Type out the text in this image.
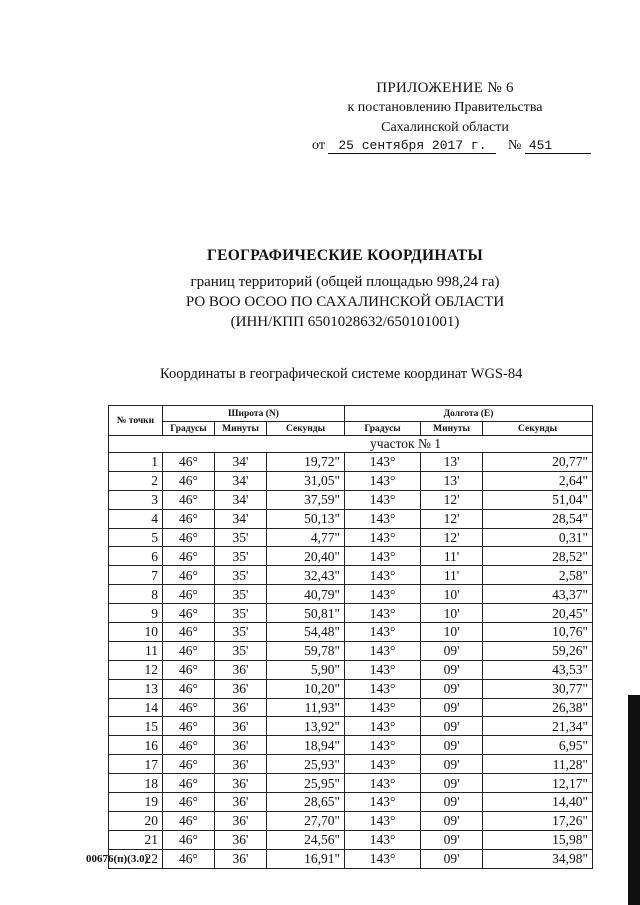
ПРИЛОЖЕНИЕ № 6
к постановлению Правительства
Сахалинской области
от 25 сентября 2017 г. № 451
ГЕОГРАФИЧЕСКИЕ КООРДИНАТЫ
границ территорий (общей площадью 998,24 га)
РО ВОО ОСОО ПО САХАЛИНСКОЙ ОБЛАСТИ
(ИНН/КПП 6501028632/650101001)
Координаты в географической системе координат WGS-84
№ точки	Широта (N)			Долгота (E)		
	Градусы	Минуты	Секунды	Градусы	Минуты	Секунды
участок № 1						
1	46°	34'	19,72"	143°	13'	20,77"
2	46°	34'	31,05"	143°	13'	2,64"
3	46°	34'	37,59"	143°	12'	51,04"
4	46°	34'	50,13"	143°	12'	28,54"
5	46°	35'	4,77"	143°	12'	0,31"
6	46°	35'	20,40"	143°	11'	28,52"
7	46°	35'	32,43"	143°	11'	2,58"
8	46°	35'	40,79"	143°	10'	43,37"
9	46°	35'	50,81"	143°	10'	20,45"
10	46°	35'	54,48"	143°	10'	10,76"
11	46°	35'	59,78"	143°	09'	59,26"
12	46°	36'	5,90"	143°	09'	43,53"
13	46°	36'	10,20"	143°	09'	30,77"
14	46°	36'	11,93"	143°	09'	26,38"
15	46°	36'	13,92"	143°	09'	21,34"
16	46°	36'	18,94"	143°	09'	6,95"
17	46°	36'	25,93"	143°	09'	11,28"
18	46°	36'	25,95"	143°	09'	12,17"
19	46°	36'	28,65"	143°	09'	14,40"
20	46°	36'	27,70"	143°	09'	17,26"
21	46°	36'	24,56"	143°	09'	15,98"
22	46°	36'	16,91"	143°	09'	34,98"
00676(п)(3.0)
